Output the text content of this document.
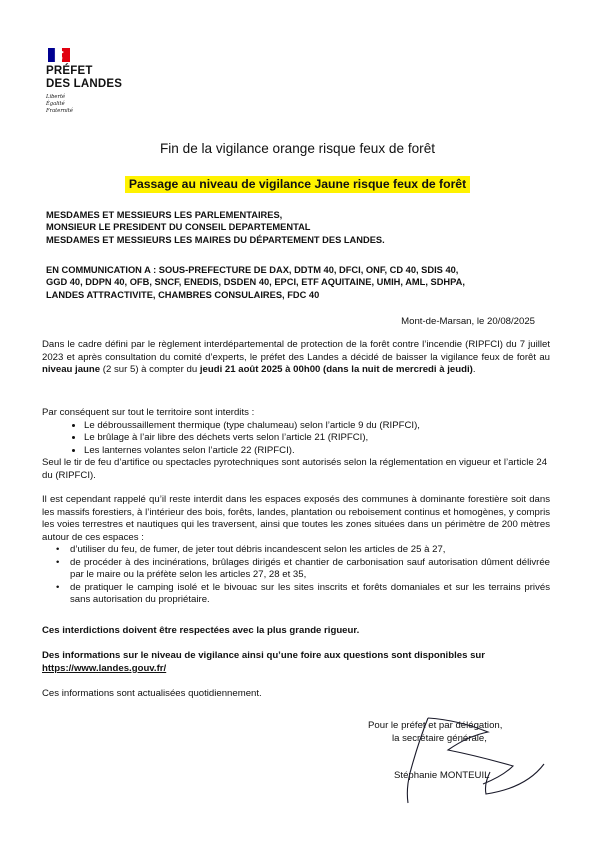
PRÉFET
DES LANDES
Liberté
Égalité
Fraternité
Fin de la vigilance orange risque feux de forêt
Passage au niveau de vigilance Jaune risque feux de forêt
MESDAMES ET MESSIEURS LES PARLEMENTAIRES,
MONSIEUR LE PRESIDENT DU CONSEIL DEPARTEMENTAL
MESDAMES ET MESSIEURS LES MAIRES DU DÉPARTEMENT DES LANDES.
EN COMMUNICATION A : SOUS-PREFECTURE DE DAX, DDTM 40, DFCI, ONF, CD 40, SDIS 40,
GGD 40, DDPN 40, OFB, SNCF, ENEDIS, DSDEN 40, EPCI, ETF AQUITAINE, UMIH, AML, SDHPA,
LANDES ATTRACTIVITE, CHAMBRES CONSULAIRES, FDC 40
Mont-de-Marsan, le 20/08/2025
Dans le cadre défini par le règlement interdépartemental de protection de la forêt contre l’incendie (RIPFCI) du 7 juillet 2023 et après consultation du comité d’experts, le préfet des Landes a décidé de baisser la vigilance feux de forêt au niveau jaune (2 sur 5) à compter du jeudi 21 août 2025 à 00h00 (dans la nuit de mercredi à jeudi).
Par conséquent sur tout le territoire sont interdits :
• Le débroussaillement thermique (type chalumeau) selon l’article 9 du (RIPFCI),
• Le brûlage à l’air libre des déchets verts selon l’article 21 (RIPFCI),
• Les lanternes volantes selon l’article 22 (RIPFCI).
Seul le tir de feu d’artifice ou spectacles pyrotechniques sont autorisés selon la réglementation en vigueur et l’article 24 du (RIPFCI).
Il est cependant rappelé qu’il reste interdit dans les espaces exposés des communes à dominante forestière soit dans les massifs forestiers, à l’intérieur des bois, forêts, landes, plantation ou reboisement continus et homogènes, y compris les voies terrestres et nautiques qui les traversent, ainsi que toutes les zones situées dans un périmètre de 200 mètres autour de ces espaces :
• d’utiliser du feu, de fumer, de jeter tout débris incandescent selon les articles de 25 à 27,
• de procéder à des incinérations, brûlages dirigés et chantier de carbonisation sauf autorisation dûment délivrée par le maire ou la préfète selon les articles 27, 28 et 35,
• de pratiquer le camping isolé et le bivouac sur les sites inscrits et forêts domaniales et sur les terrains privés sans autorisation du propriétaire.
Ces interdictions doivent être respectées avec la plus grande rigueur.
Des informations sur le niveau de vigilance ainsi qu’une foire aux questions sont disponibles sur https://www.landes.gouv.fr/
Ces informations sont actualisées quotidiennement.
Pour le préfet et par délégation,
la secrétaire générale,
Stéphanie MONTEUIL
